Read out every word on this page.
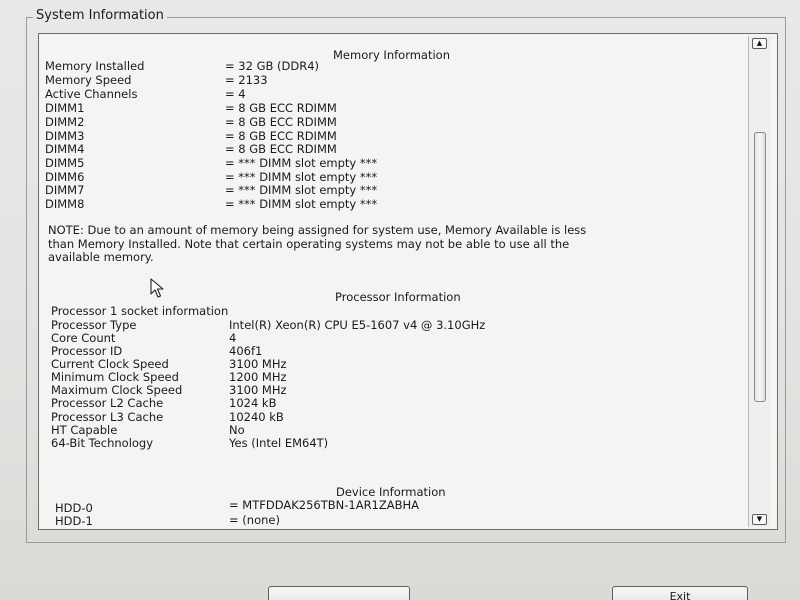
System Information
Memory Information
Memory Installed	= 32 GB (DDR4)
Memory Speed	= 2133
Active Channels	= 4
DIMM1	= 8 GB ECC RDIMM
DIMM2	= 8 GB ECC RDIMM
DIMM3	= 8 GB ECC RDIMM
DIMM4	= 8 GB ECC RDIMM
DIMM5	= *** DIMM slot empty ***
DIMM6	= *** DIMM slot empty ***
DIMM7	= *** DIMM slot empty ***
DIMM8	= *** DIMM slot empty ***
NOTE: Due to an amount of memory being assigned for system use, Memory Available is less
than Memory Installed. Note that certain operating systems may not be able to use all the
available memory.
Processor Information
Processor 1 socket information
Processor Type	Intel(R) Xeon(R) CPU E5-1607 v4 @ 3.10GHz
Core Count	4
Processor ID	406f1
Current Clock Speed	3100 MHz
Minimum Clock Speed	1200 MHz
Maximum Clock Speed	3100 MHz
Processor L2 Cache	1024 kB
Processor L3 Cache	10240 kB
HT Capable	No
64-Bit Technology	Yes (Intel EM64T)
Device Information
HDD-0	= MTFDDAK256TBN-1AR1ZABHA
HDD-1	= (none)
▲
▼
Exit
